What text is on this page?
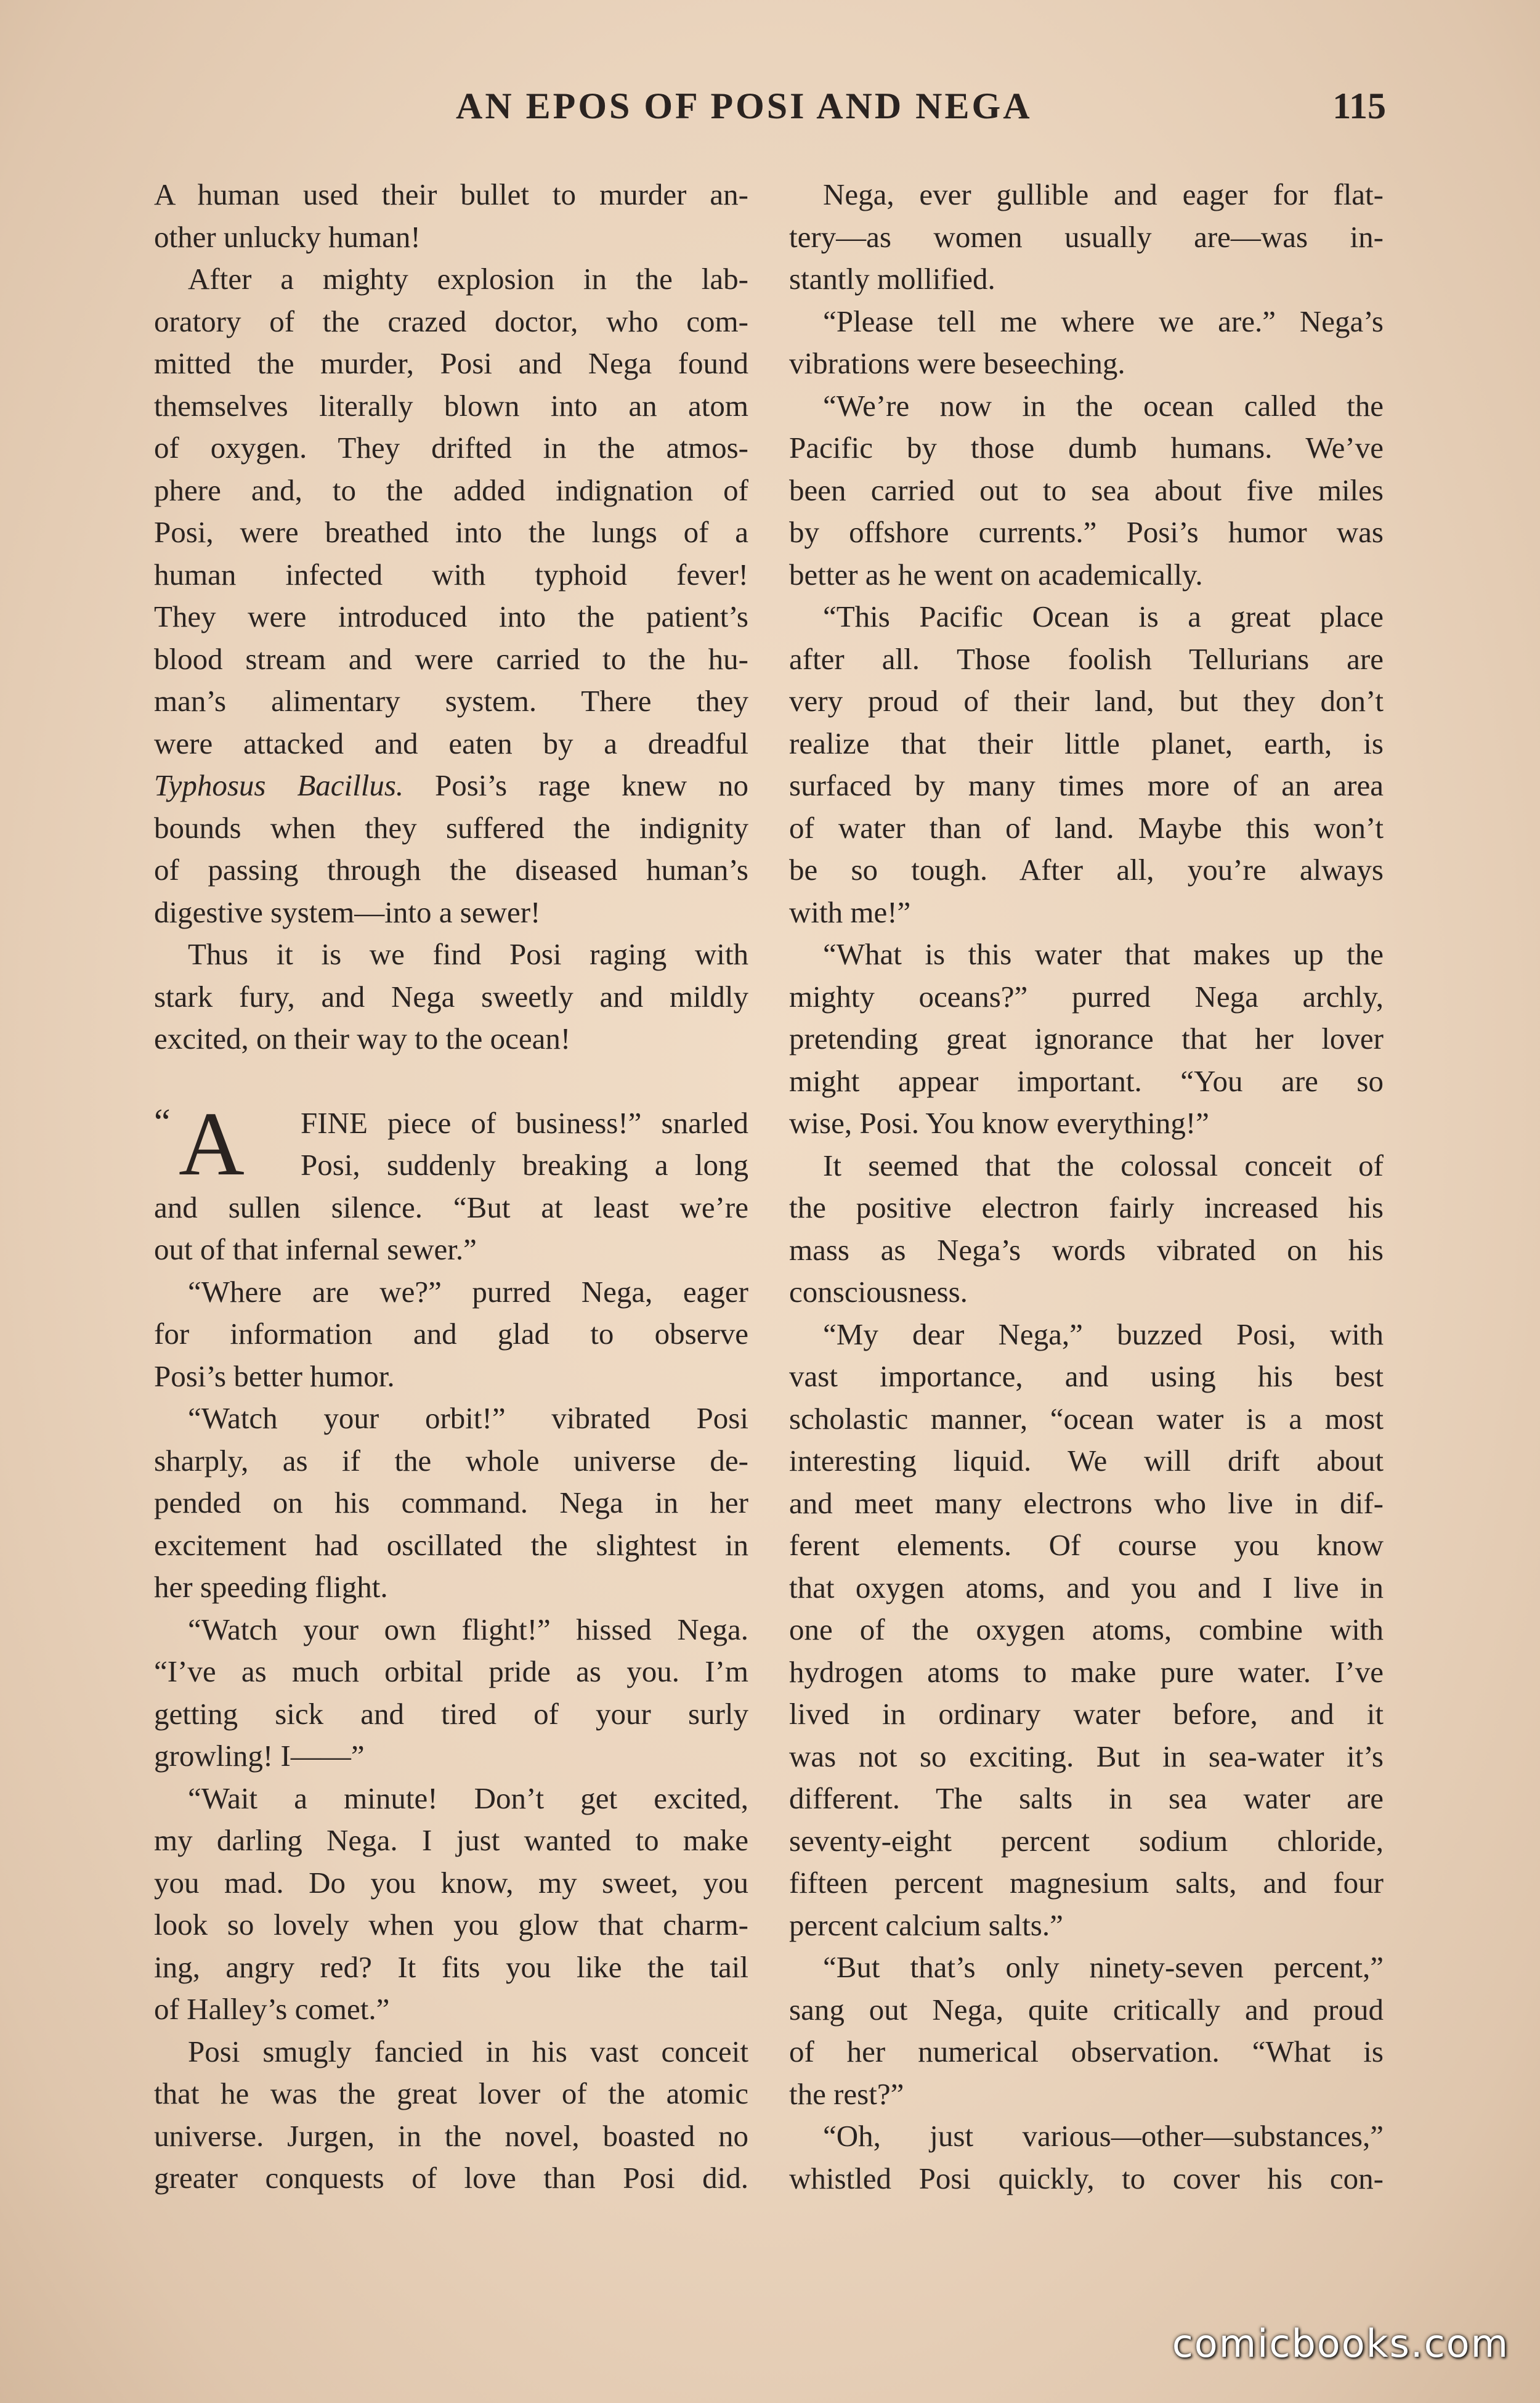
AN EPOS OF POSI AND NEGA	115
A human used their bullet to murder an-
other unlucky human!
After a mighty explosion in the lab-
oratory of the crazed doctor, who com-
mitted the murder, Posi and Nega found
themselves literally blown into an atom
of oxygen. They drifted in the atmos-
phere and, to the added indignation of
Posi, were breathed into the lungs of a
human infected with typhoid fever!
They were introduced into the patient’s
blood stream and were carried to the hu-
man’s alimentary system. There they
were attacked and eaten by a dreadful
Typhosus Bacillus. Posi’s rage knew no
bounds when they suffered the indignity
of passing through the diseased human’s
digestive system—into a sewer!
Thus it is we find Posi raging with
stark fury, and Nega sweetly and mildly
excited, on their way to the ocean!
“ A	FINE piece of business!” snarled
Posi, suddenly breaking a long
and sullen silence. “But at least we’re
out of that infernal sewer.”
“Where are we?” purred Nega, eager
for information and glad to observe
Posi’s better humor.
“Watch your orbit!” vibrated Posi
sharply, as if the whole universe de-
pended on his command. Nega in her
excitement had oscillated the slightest in
her speeding flight.
“Watch your own flight!” hissed Nega.
“I’ve as much orbital pride as you. I’m
getting sick and tired of your surly
growling! I——”
“Wait a minute! Don’t get excited,
my darling Nega. I just wanted to make
you mad. Do you know, my sweet, you
look so lovely when you glow that charm-
ing, angry red? It fits you like the tail
of Halley’s comet.”
Posi smugly fancied in his vast conceit
that he was the great lover of the atomic
universe. Jurgen, in the novel, boasted no
greater conquests of love than Posi did.
Nega, ever gullible and eager for flat-
tery—as women usually are—was in-
stantly mollified.
“Please tell me where we are.” Nega’s
vibrations were beseeching.
“We’re now in the ocean called the
Pacific by those dumb humans. We’ve
been carried out to sea about five miles
by offshore currents.” Posi’s humor was
better as he went on academically.
“This Pacific Ocean is a great place
after all. Those foolish Tellurians are
very proud of their land, but they don’t
realize that their little planet, earth, is
surfaced by many times more of an area
of water than of land. Maybe this won’t
be so tough. After all, you’re always
with me!”
“What is this water that makes up the
mighty oceans?” purred Nega archly,
pretending great ignorance that her lover
might appear important. “You are so
wise, Posi. You know everything!”
It seemed that the colossal conceit of
the positive electron fairly increased his
mass as Nega’s words vibrated on his
consciousness.
“My dear Nega,” buzzed Posi, with
vast importance, and using his best
scholastic manner, “ocean water is a most
interesting liquid. We will drift about
and meet many electrons who live in dif-
ferent elements. Of course you know
that oxygen atoms, and you and I live in
one of the oxygen atoms, combine with
hydrogen atoms to make pure water. I’ve
lived in ordinary water before, and it
was not so exciting. But in sea-water it’s
different. The salts in sea water are
seventy-eight percent sodium chloride,
fifteen percent magnesium salts, and four
percent calcium salts.”
“But that’s only ninety-seven percent,”
sang out Nega, quite critically and proud
of her numerical observation. “What is
the rest?”
“Oh, just various—other—substances,”
whistled Posi quickly, to cover his con-
comicbooks.com
